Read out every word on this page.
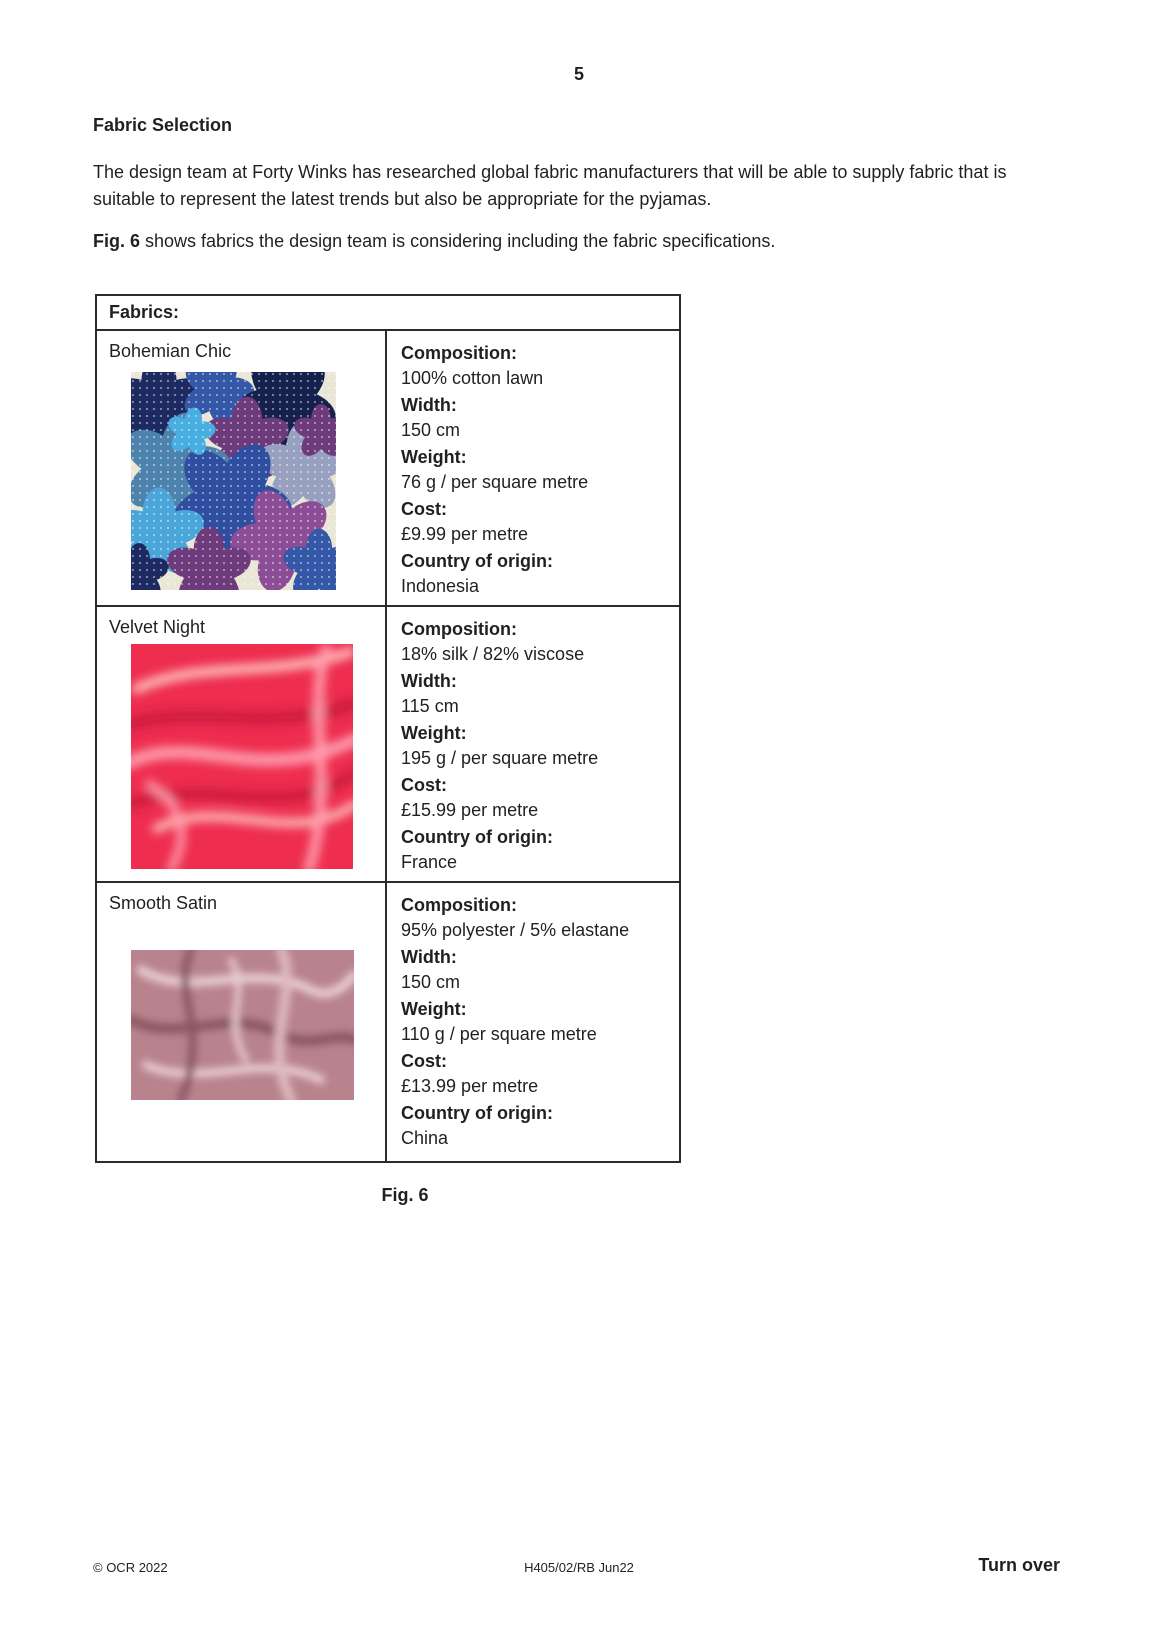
5
Fabric Selection

The design team at Forty Winks has researched global fabric manufacturers that will be able to supply fabric that is suitable to represent the latest trends but also be appropriate for the pyjamas.

Fig. 6 shows fabrics the design team is considering including the fabric specifications.

Fabrics:
Bohemian Chic	Composition:
100% cotton lawn
Width:
150 cm
Weight:
76 g / per square metre
Cost:
£9.99 per metre
Country of origin:
Indonesia
Velvet Night	Composition:
18% silk / 82% viscose
Width:
115 cm
Weight:
195 g / per square metre
Cost:
£15.99 per metre
Country of origin:
France
Smooth Satin	Composition:
95% polyester / 5% elastane
Width:
150 cm
Weight:
110 g / per square metre
Cost:
£13.99 per metre
Country of origin:
China
Fig. 6
© OCR 2022	H405/02/RB Jun22	Turn over
